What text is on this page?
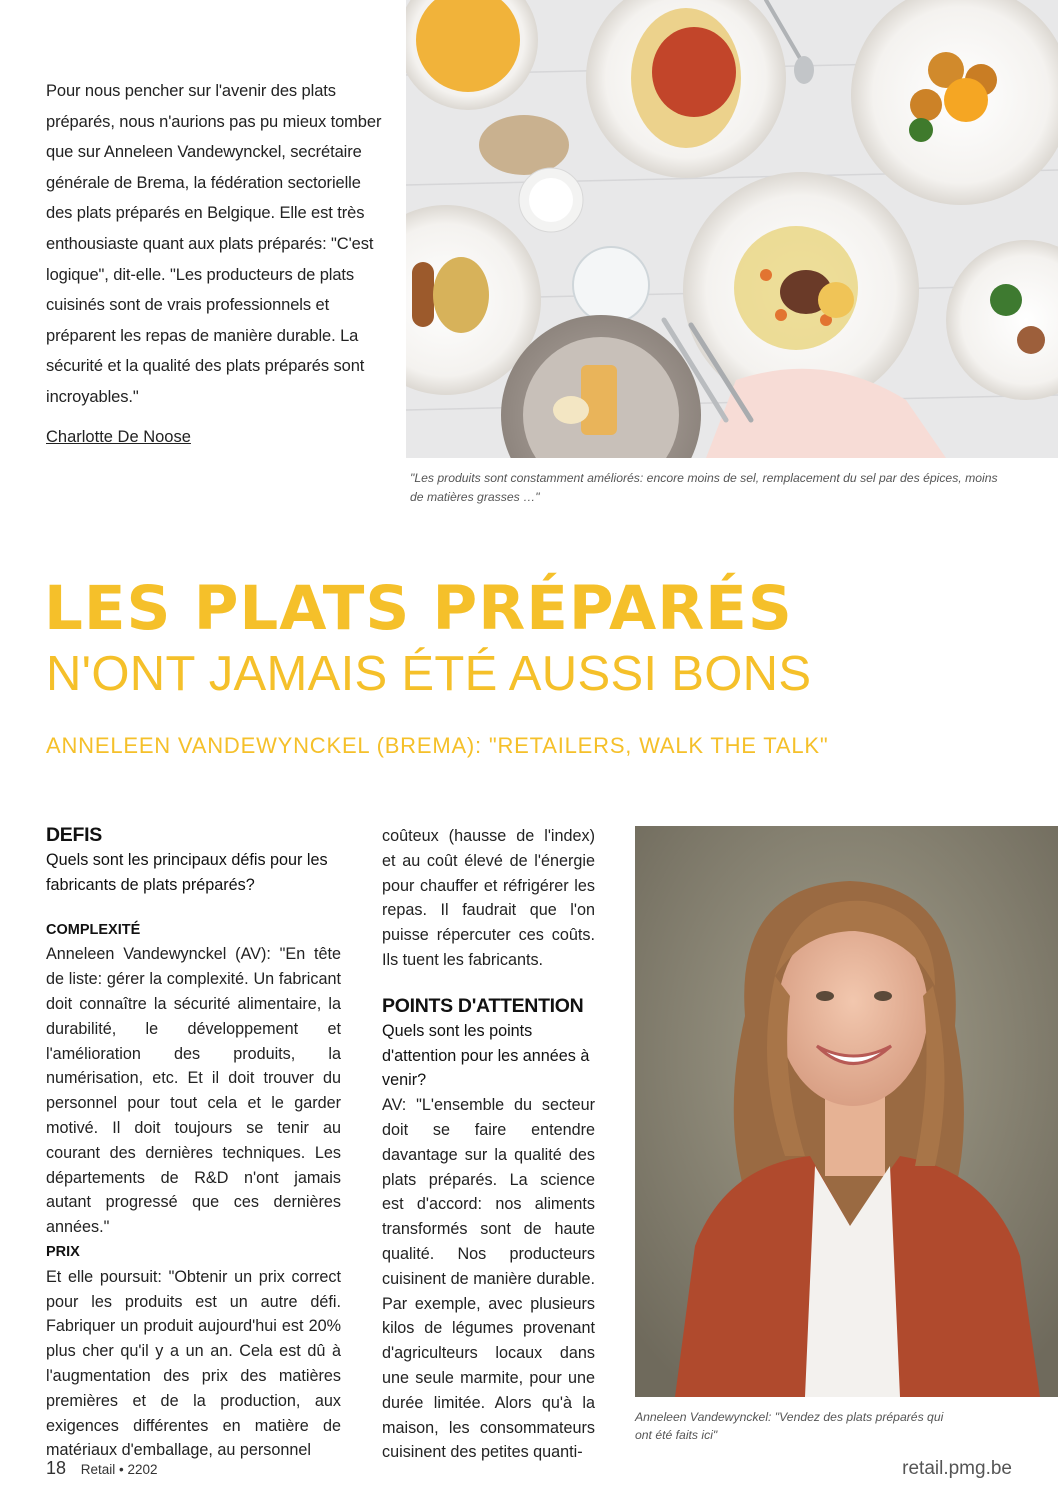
Pour nous pencher sur l'avenir des plats préparés, nous n'aurions pas pu mieux tomber que sur Anneleen Vandewynckel, secrétaire générale de Brema, la fédération sectorielle des plats préparés en Belgique. Elle est très enthousiaste quant aux plats préparés: "C'est logique", dit-elle. "Les producteurs de plats cuisinés sont de vrais professionnels et préparent les repas de manière durable. La sécurité et la qualité des plats préparés sont incroyables."
Charlotte De Noose
"Les produits sont constamment améliorés: encore moins de sel, remplacement du sel par des épices, moins de matières grasses …"
LES PLATS PRÉPARÉS
N'ONT JAMAIS ÉTÉ AUSSI BONS
ANNELEEN VANDEWYNCKEL (BREMA): "RETAILERS, WALK THE TALK"
DEFIS
Quels sont les principaux défis pour les fabricants de plats préparés?
COMPLEXITÉ
Anneleen Vandewynckel (AV): "En tête de liste: gérer la complexité. Un fabricant doit connaître la sécurité alimentaire, la durabilité, le développement et l'amélioration des produits, la numérisation, etc. Et il doit trouver du personnel pour tout cela et le garder motivé. Il doit toujours se tenir au courant des dernières techniques. Les départements de R&D n'ont jamais autant progressé que ces dernières années."
PRIX
Et elle poursuit: "Obtenir un prix correct pour les produits est un autre défi. Fabriquer un produit aujourd'hui est 20% plus cher qu'il y a un an. Cela est dû à l'augmentation des prix des matières premières et de la production, aux exigences différentes en matière de matériaux d'emballage, au personnel
coûteux (hausse de l'index) et au coût élevé de l'énergie pour chauffer et réfrigérer les repas. Il faudrait que l'on puisse répercuter ces coûts. Ils tuent les fabricants.
POINTS D'ATTENTION
Quels sont les points d'attention pour les années à venir?
AV: "L'ensemble du secteur doit se faire entendre davantage sur la qualité des plats préparés. La science est d'accord: nos aliments transformés sont de haute qualité. Nos producteurs cuisinent de manière durable. Par exemple, avec plusieurs kilos de légumes provenant d'agriculteurs locaux dans une seule marmite, pour une durée limitée. Alors qu'à la maison, les consommateurs cuisinent des petites quanti-
Anneleen Vandewynckel: "Vendez des plats préparés qui ont été faits ici"
18 Retail • 2202	retail.pmg.be
